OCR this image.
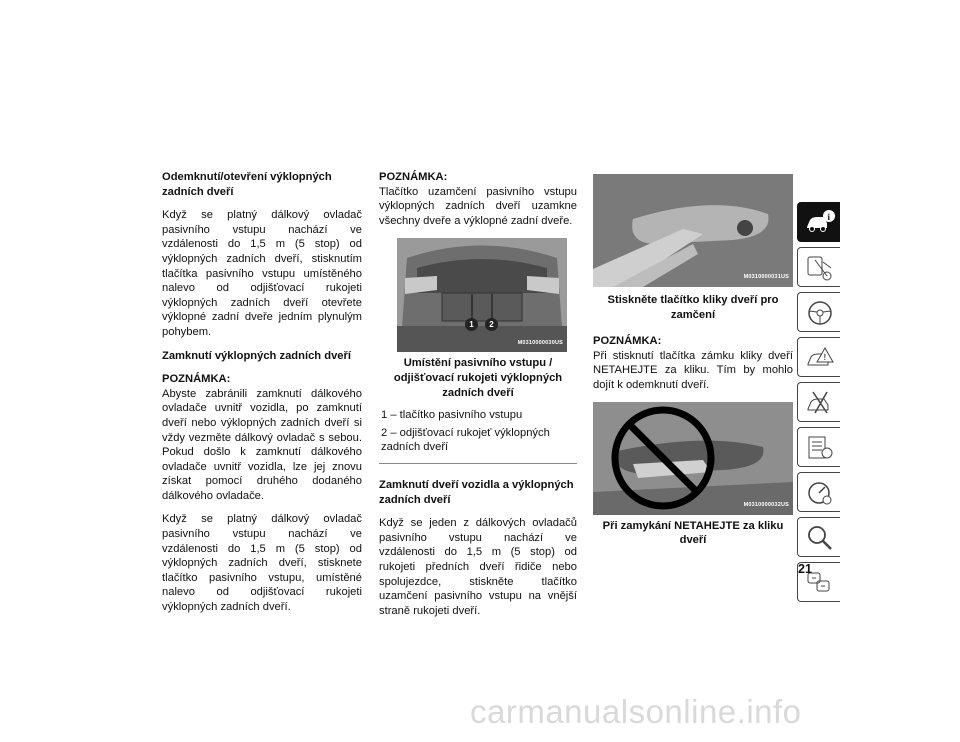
Odemknutí/otevření výklopných zadních dveří

Když se platný dálkový ovladač pasivního vstupu nachází ve vzdálenosti do 1,5 m (5 stop) od výklopných zadních dveří, stisknutím tlačítka pasivního vstupu umístěného nalevo od odjišťovací rukojeti výklopných zadních dveří otevřete výklopné zadní dveře jedním plynulým pohybem.

Zamknutí výklopných zadních dveří

POZNÁMKA:
Abyste zabránili zamknutí dálkového ovladače uvnitř vozidla, po zamknutí dveří nebo výklopných zadních dveří si vždy vezměte dálkový ovladač s sebou. Pokud došlo k zamknutí dálkového ovladače uvnitř vozidla, lze jej znovu získat pomocí druhého dodaného dálkového ovladače.

Když se platný dálkový ovladač pasivního vstupu nachází ve vzdálenosti do 1,5 m (5 stop) od výklopných zadních dveří, stisknete tlačítko pasivního vstupu, umístěné nalevo od odjišťovací rukojeti výklopných zadních dveří.

POZNÁMKA:
Tlačítko uzamčení pasivního vstupu výklopných zadních dveří uzamkne všechny dveře a výklopné zadní dveře.

1	2
M0310000030US
Umístění pasivního vstupu / odjišťovací rukojeti výklopných zadních dveří
1 – tlačítko pasivního vstupu
2 – odjišťovací rukojeť výklopných zadních dveří
Zamknutí dveří vozidla a výklopných zadních dveří

Když se jeden z dálkových ovladačů pasivního vstupu nachází ve vzdálenosti do 1,5 m (5 stop) od rukojeti předních dveří řidiče nebo spolujezdce, stiskněte tlačítko uzamčení pasivního vstupu na vnější straně rukojeti dveří.

M0310000031US
Stiskněte tlačítko kliky dveří pro zamčení

POZNÁMKA:
Při stisknutí tlačítka zámku kliky dveří NETAHEJTE za kliku. Tím by mohlo dojít k odemknutí dveří.

M0310000032US
Při zamykání NETAHEJTE za kliku dveří
i
!
21
carmanualsonline.info
